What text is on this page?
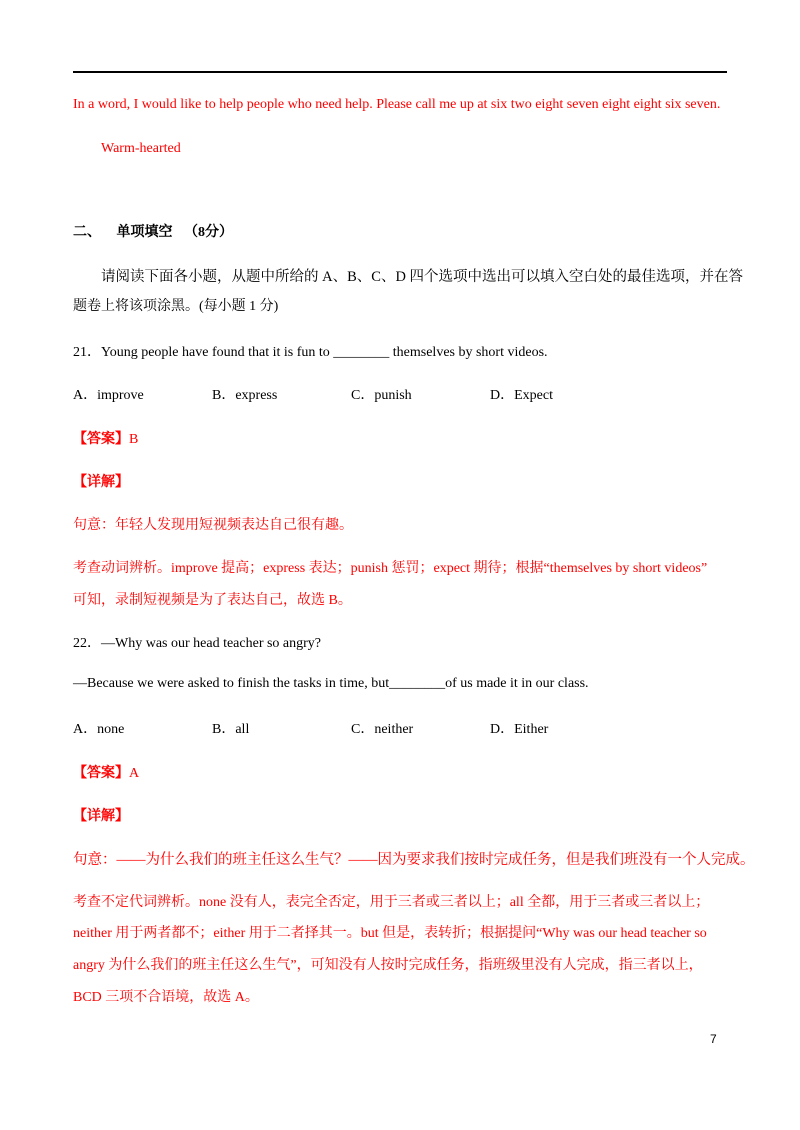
In a word, I would like to help people who need help. Please call me up at six two eight seven eight eight six seven.
Warm-hearted
二、 单项填空 （8分）
请阅读下面各小题，从题中所给的 A、B、C、D 四个选项中选出可以填入空白处的最佳选项，并在答
题卷上将该项涂黑。(每小题 1 分)
21．Young people have found that it is fun to ________ themselves by short videos.
A．improve	B．express	C．punish	D．Expect
【答案】B
【详解】
句意：年轻人发现用短视频表达自己很有趣。
考查动词辨析。improve 提高；express 表达；punish 惩罚；expect 期待；根据“themselves by short videos”
可知，录制短视频是为了表达自己，故选 B。
22．—Why was our head teacher so angry?
—Because we were asked to finish the tasks in time, but________of us made it in our class.
A．none	B．all	C．neither	D．Either
【答案】A
【详解】
句意：——为什么我们的班主任这么生气？——因为要求我们按时完成任务，但是我们班没有一个人完成。
考查不定代词辨析。none 没有人，表完全否定，用于三者或三者以上；all 全都，用于三者或三者以上；
neither 用于两者都不；either 用于二者择其一。but 但是，表转折；根据提问“Why was our head teacher so
angry 为什么我们的班主任这么生气”，可知没有人按时完成任务，指班级里没有人完成，指三者以上，
BCD 三项不合语境，故选 A。
7
